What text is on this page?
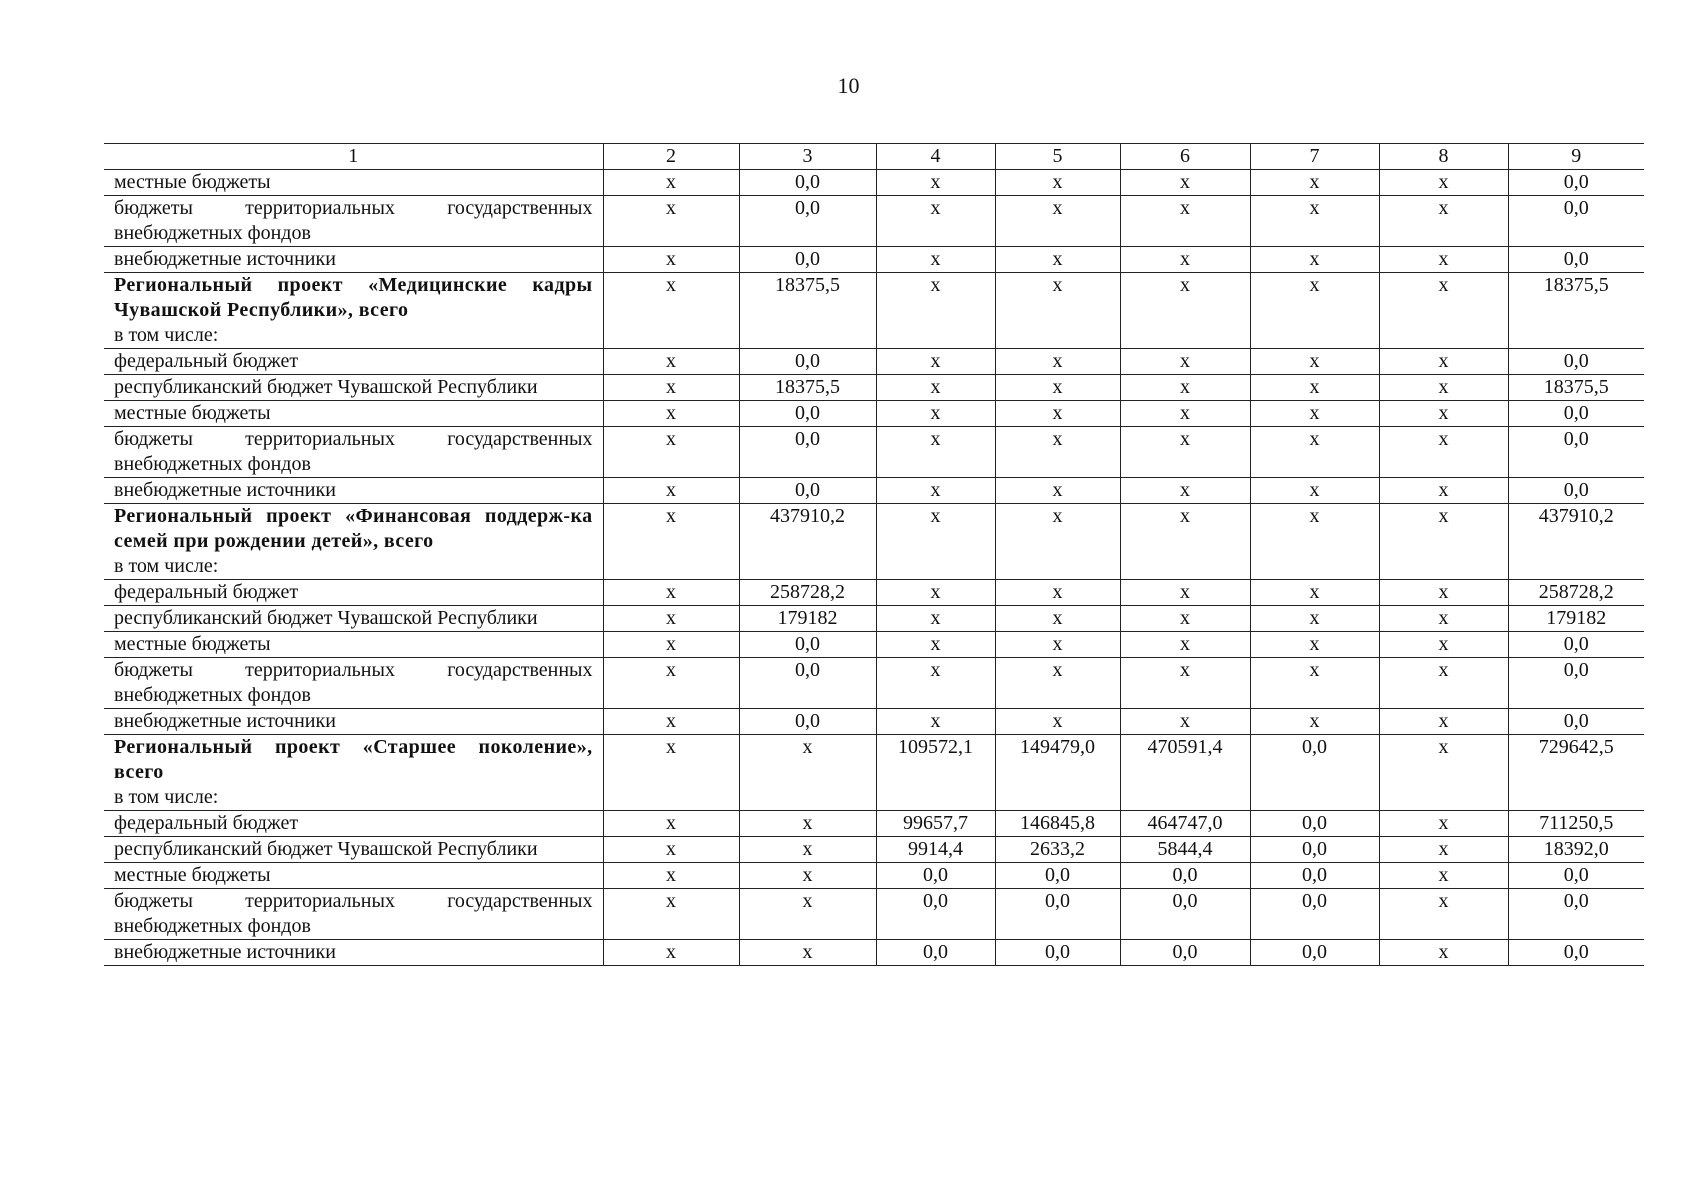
10
1	2	3	4	5	6	7	8	9
местные бюджеты	x	0,0	x	x	x	x	x	0,0
бюджеты территориальных государственных внебюджетных фондов	x	0,0	x	x	x	x	x	0,0
внебюджетные источники	x	0,0	x	x	x	x	x	0,0

Региональный проект «Медицинские кадры Чувашской Республики», всего
в том числе:	x	18375,5	x	x	x	x	x	18375,5
федеральный бюджет	x	0,0	x	x	x	x	x	0,0
республиканский бюджет Чувашской Республики	x	18375,5	x	x	x	x	x	18375,5
местные бюджеты	x	0,0	x	x	x	x	x	0,0
бюджеты территориальных государственных внебюджетных фондов	x	0,0	x	x	x	x	x	0,0
внебюджетные источники	x	0,0	x	x	x	x	x	0,0

Региональный проект «Финансовая поддерж-ка семей при рождении детей», всего
в том числе:	x	437910,2	x	x	x	x	x	437910,2
федеральный бюджет	x	258728,2	x	x	x	x	x	258728,2
республиканский бюджет Чувашской Республики	x	179182	x	x	x	x	x	179182
местные бюджеты	x	0,0	x	x	x	x	x	0,0
бюджеты территориальных государственных внебюджетных фондов	x	0,0	x	x	x	x	x	0,0
внебюджетные источники	x	0,0	x	x	x	x	x	0,0

Региональный проект «Старшее поколение», всего
в том числе:	x	x	109572,1	149479,0	470591,4	0,0	x	729642,5
федеральный бюджет	x	x	99657,7	146845,8	464747,0	0,0	x	711250,5
республиканский бюджет Чувашской Республики	x	x	9914,4	2633,2	5844,4	0,0	x	18392,0
местные бюджеты	x	x	0,0	0,0	0,0	0,0	x	0,0
бюджеты территориальных государственных внебюджетных фондов	x	x	0,0	0,0	0,0	0,0	x	0,0
внебюджетные источники	x	x	0,0	0,0	0,0	0,0	x	0,0
